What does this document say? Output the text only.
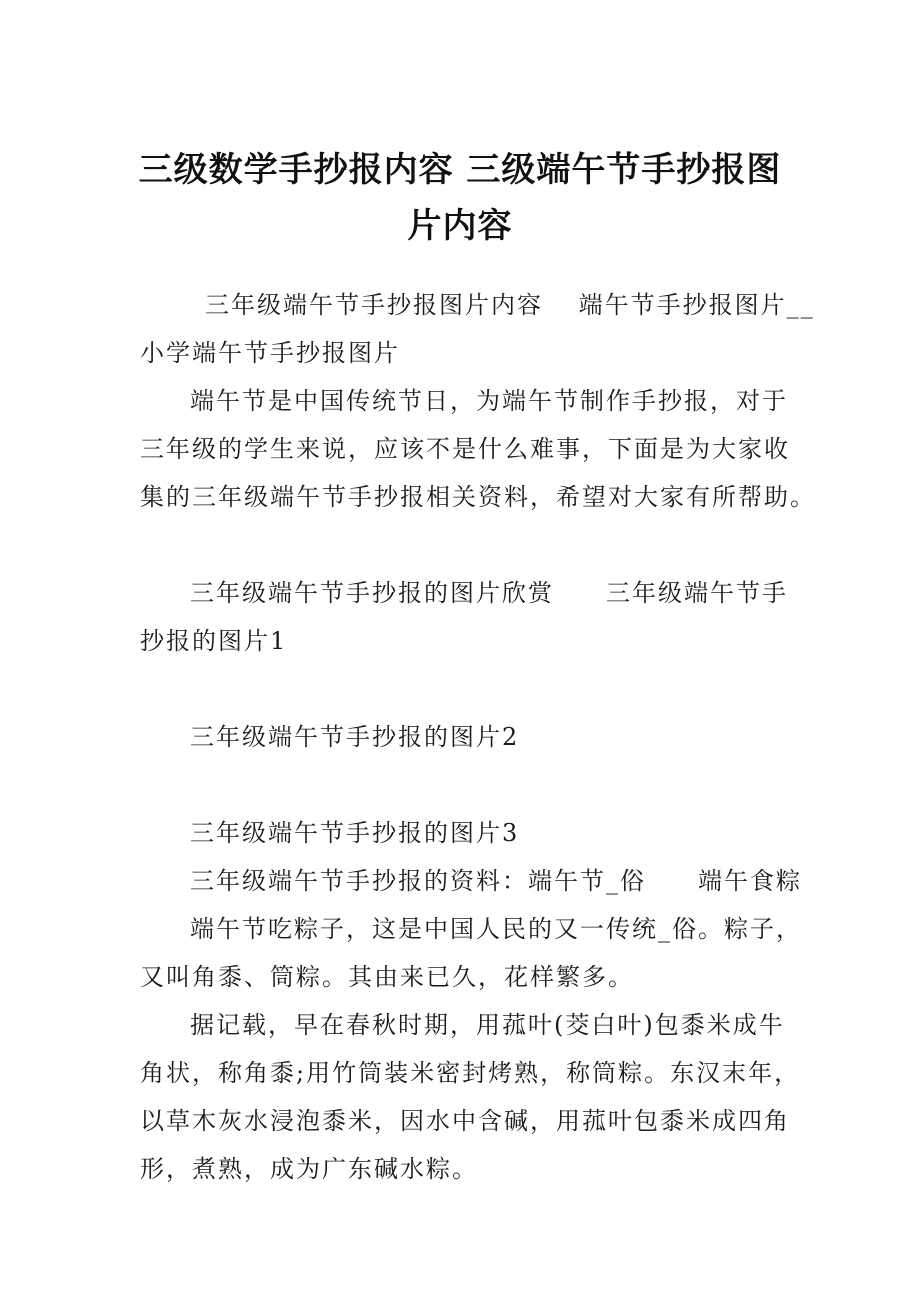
三级数学手抄报内容 三级端午节手抄报图
片内容
三年级端午节手抄报图片内容　 端午节手抄报图片__
小学端午节手抄报图片
端午节是中国传统节日，为端午节制作手抄报，对于
三年级的学生来说，应该不是什么难事，下面是为大家收
集的三年级端午节手抄报相关资料，希望对大家有所帮助。
三年级端午节手抄报的图片欣赏　　三年级端午节手
抄报的图片1
三年级端午节手抄报的图片2
三年级端午节手抄报的图片3
三年级端午节手抄报的资料：端午节_俗　　端午食粽
端午节吃粽子，这是中国人民的又一传统_俗。粽子，
又叫角黍、筒粽。其由来已久，花样繁多。
据记载，早在春秋时期，用菰叶(茭白叶)包黍米成牛
角状，称角黍;用竹筒装米密封烤熟，称筒粽。东汉末年，
以草木灰水浸泡黍米，因水中含碱，用菰叶包黍米成四角
形，煮熟，成为广东碱水粽。
